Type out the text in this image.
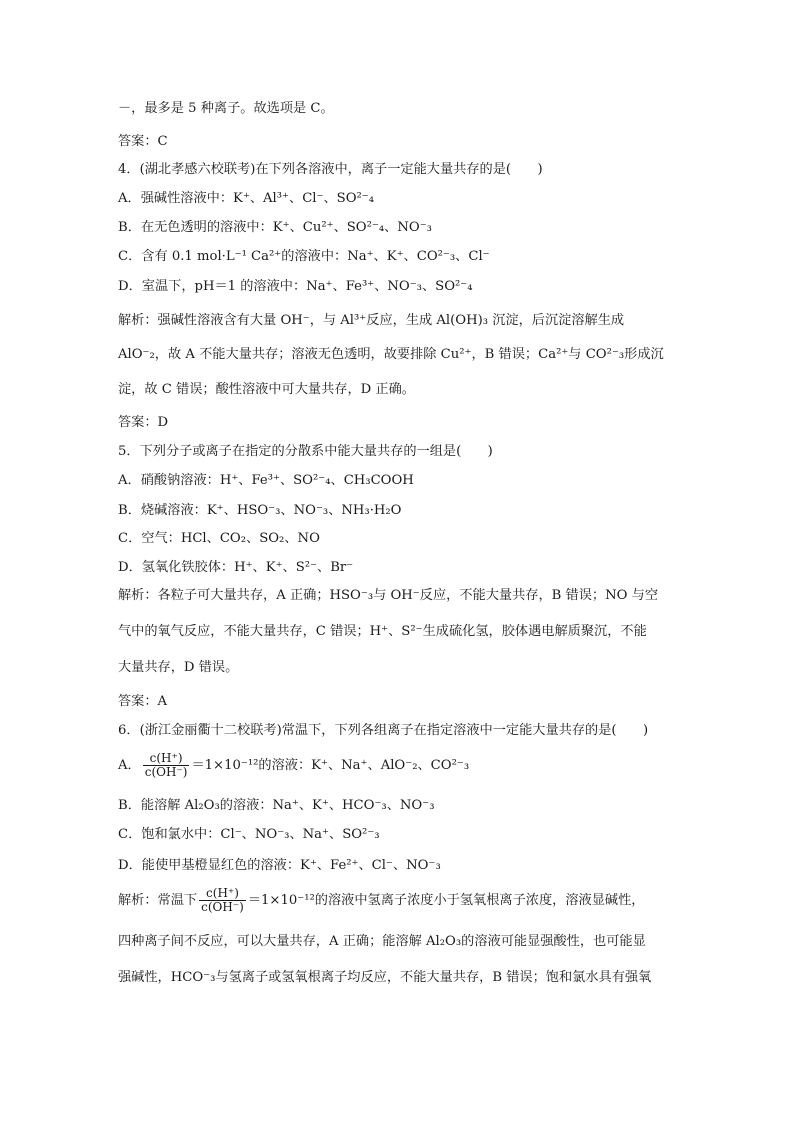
－，最多是 5 种离子。故选项是 C。
答案：C
4．(湖北孝感六校联考)在下列各溶液中，离子一定能大量共存的是(　　)
A．强碱性溶液中：K⁺、Al³⁺、Cl⁻、SO²⁻₄
B．在无色透明的溶液中：K⁺、Cu²⁺、SO²⁻₄、NO⁻₃
C．含有 0.1 mol·L⁻¹ Ca²⁺的溶液中：Na⁺、K⁺、CO²⁻₃、Cl⁻
D．室温下，pH＝1 的溶液中：Na⁺、Fe³⁺、NO⁻₃、SO²⁻₄
解析：强碱性溶液含有大量 OH⁻，与 Al³⁺反应，生成 Al(OH)₃ 沉淀，后沉淀溶解生成
AlO⁻₂，故 A 不能大量共存；溶液无色透明，故要排除 Cu²⁺，B 错误；Ca²⁺与 CO²⁻₃形成沉
淀，故 C 错误；酸性溶液中可大量共存，D 正确。
答案：D
5．下列分子或离子在指定的分散系中能大量共存的一组是(　　)
A．硝酸钠溶液：H⁺、Fe³⁺、SO²⁻₄、CH₃COOH
B．烧碱溶液：K⁺、HSO⁻₃、NO⁻₃、NH₃·H₂O
C．空气：HCl、CO₂、SO₂、NO
D．氢氧化铁胶体：H⁺、K⁺、S²⁻、Br⁻
解析：各粒子可大量共存，A 正确；HSO⁻₃与 OH⁻反应，不能大量共存，B 错误；NO 与空
气中的氧气反应，不能大量共存，C 错误；H⁺、S²⁻生成硫化氢，胶体遇电解质聚沉，不能
大量共存，D 错误。
答案：A
6．(浙江金丽衢十二校联考)常温下，下列各组离子在指定溶液中一定能大量共存的是(　　)
A． $\frac{c(H^+)}{c(OH^-)} =1\times 10^{-12}$的溶液：K⁺、Na⁺、AlO⁻₂、CO²⁻₃
B．能溶解 Al₂O₃的溶液：Na⁺、K⁺、HCO⁻₃、NO⁻₃
C．饱和氯水中：Cl⁻、NO⁻₃、Na⁺、SO²⁻₃
D．能使甲基橙显红色的溶液：K⁺、Fe²⁺、Cl⁻、NO⁻₃
解析：常温下 $\frac{c(H^+)}{c(OH^-)} =1\times 10^{-12}$的溶液中氢离子浓度小于氢氧根离子浓度，溶液显碱性，
四种离子间不反应，可以大量共存，A 正确；能溶解 Al₂O₃的溶液可能显强酸性，也可能显
强碱性，HCO⁻₃与氢离子或氢氧根离子均反应，不能大量共存，B 错误；饱和氯水具有强氧
